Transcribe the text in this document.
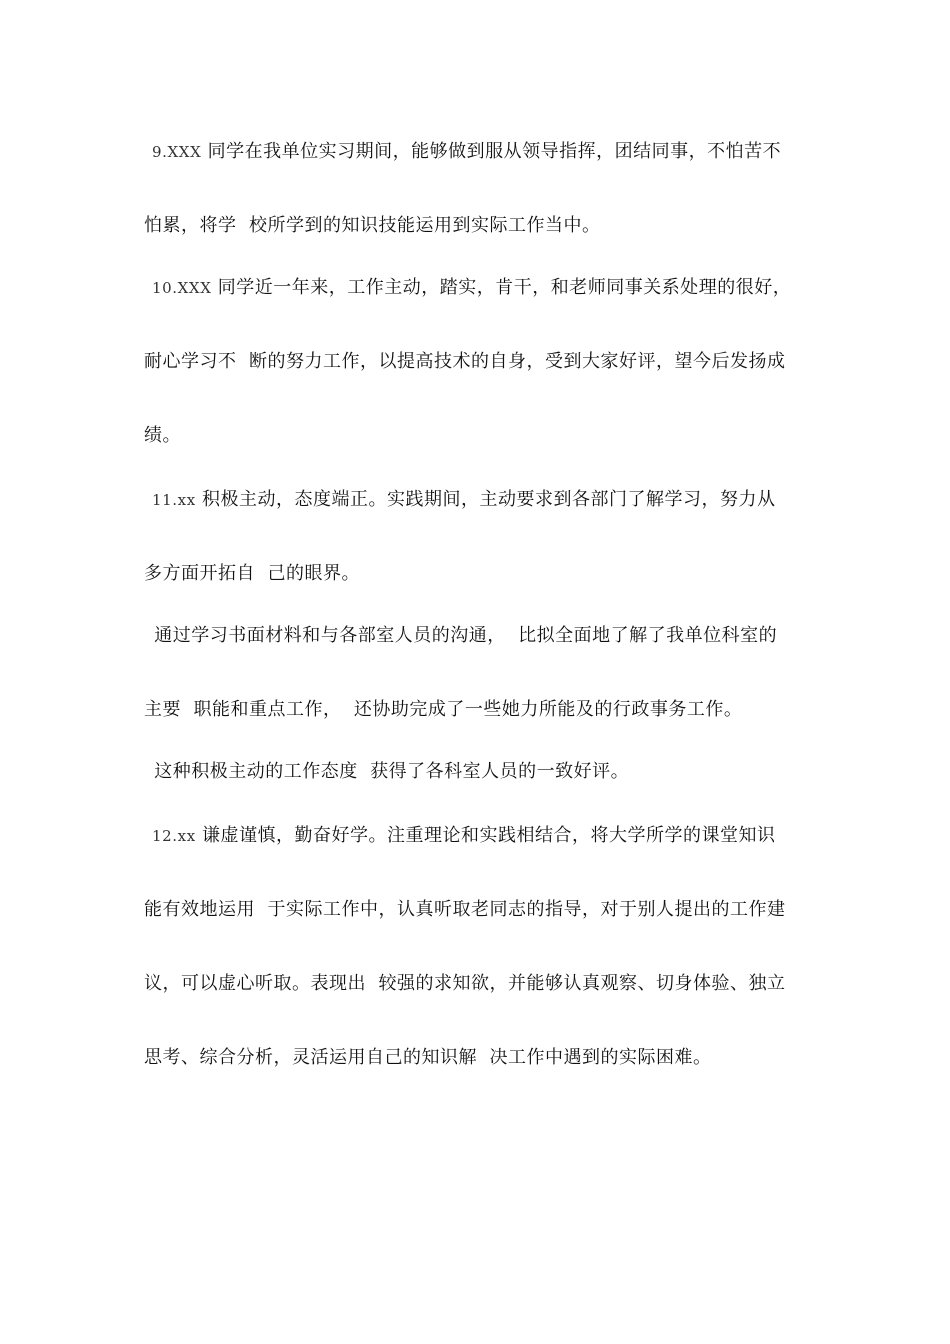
9.XXX 同学在我单位实习期间，能够做到服从领导指挥，团结同事，不怕苦不
怕累，将学  校所学到的知识技能运用到实际工作当中。
10.XXX 同学近一年来，工作主动，踏实，肯干，和老师同事关系处理的很好，
耐心学习不  断的努力工作，以提高技术的自身，受到大家好评，望今后发扬成
绩。
11.xx 积极主动，态度端正。实践期间，主动要求到各部门了解学习，努力从
多方面开拓自  己的眼界。
通过学习书面材料和与各部室人员的沟通，  比拟全面地了解了我单位科室的
主要  职能和重点工作，  还协助完成了一些她力所能及的行政事务工作。
这种积极主动的工作态度  获得了各科室人员的一致好评。
12.xx 谦虚谨慎，勤奋好学。注重理论和实践相结合，将大学所学的课堂知识
能有效地运用  于实际工作中，认真听取老同志的指导，对于别人提出的工作建
议，可以虚心听取。表现出  较强的求知欲，并能够认真观察、切身体验、独立
思考、综合分析，灵活运用自己的知识解  决工作中遇到的实际困难。
